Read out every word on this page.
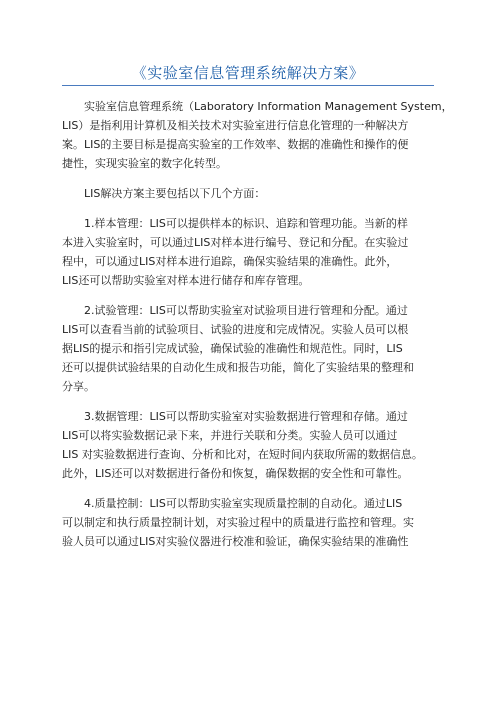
《实验室信息管理系统解决方案》

实验室信息管理系统（Laboratory Information Management System，
LIS）是指利用计算机及相关技术对实验室进行信息化管理的一种解决方
案。LIS的主要目标是提高实验室的工作效率、数据的准确性和操作的便
捷性，实现实验室的数字化转型。

LIS解决方案主要包括以下几个方面：

1.样本管理：LIS可以提供样本的标识、追踪和管理功能。当新的样
本进入实验室时，可以通过LIS对样本进行编号、登记和分配。在实验过
程中，可以通过LIS对样本进行追踪，确保实验结果的准确性。此外，
LIS还可以帮助实验室对样本进行储存和库存管理。

2.试验管理：LIS可以帮助实验室对试验项目进行管理和分配。通过
LIS可以查看当前的试验项目、试验的进度和完成情况。实验人员可以根
据LIS的提示和指引完成试验，确保试验的准确性和规范性。同时，LIS
还可以提供试验结果的自动化生成和报告功能，简化了实验结果的整理和
分享。

3.数据管理：LIS可以帮助实验室对实验数据进行管理和存储。通过
LIS可以将实验数据记录下来，并进行关联和分类。实验人员可以通过
LIS 对实验数据进行查询、分析和比对，在短时间内获取所需的数据信息。
此外，LIS还可以对数据进行备份和恢复，确保数据的安全性和可靠性。

4.质量控制：LIS可以帮助实验室实现质量控制的自动化。通过LIS
可以制定和执行质量控制计划，对实验过程中的质量进行监控和管理。实
验人员可以通过LIS对实验仪器进行校准和验证，确保实验结果的准确性
